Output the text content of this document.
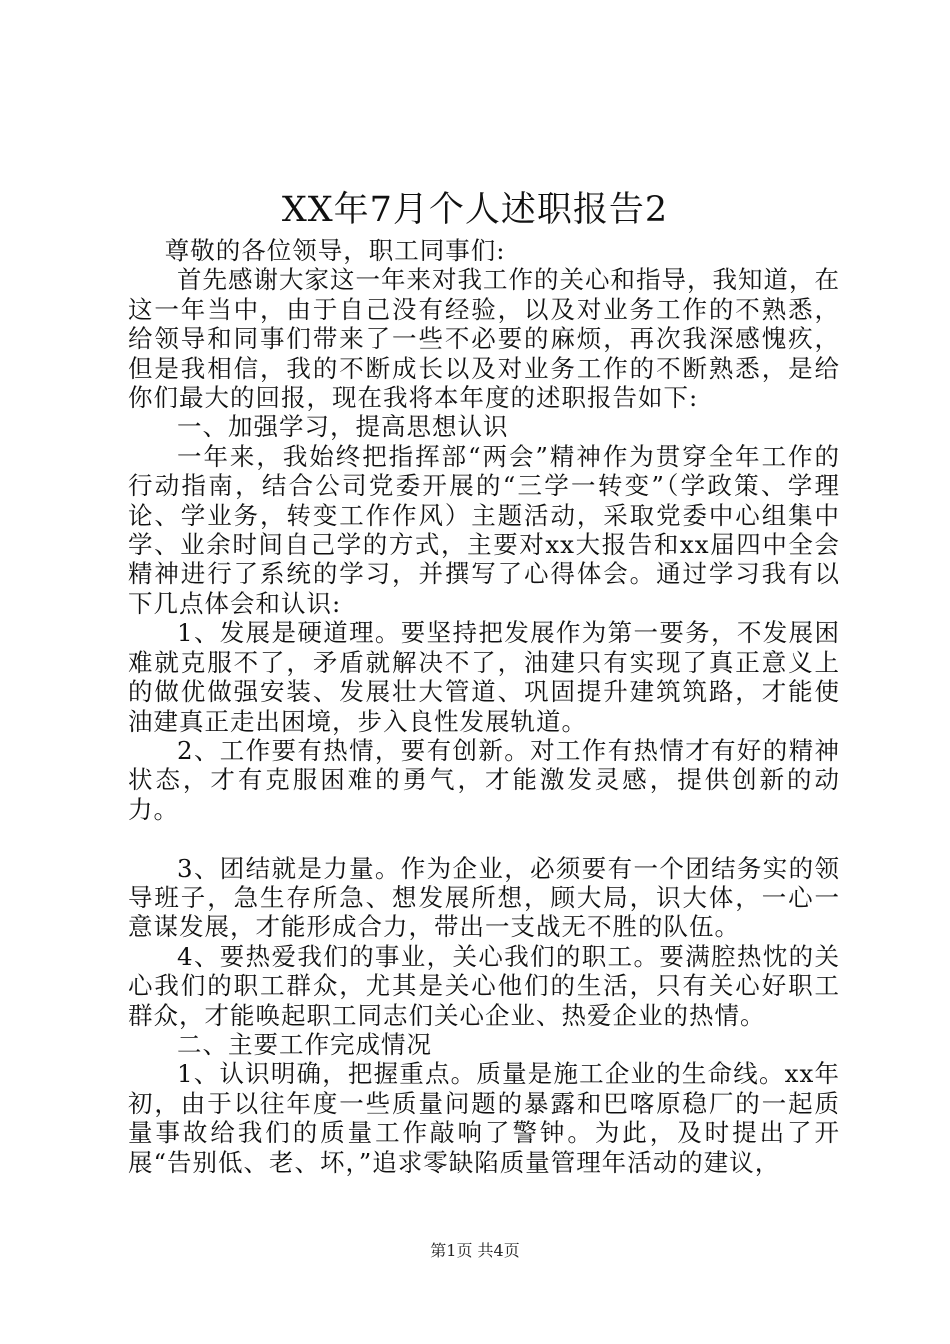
XX年7月个人述职报告2

尊敬的各位领导，职工同事们:

首先感谢大家这一年来对我工作的关心和指导，我知道，在这一年当中，由于自己没有经验，以及对业务工作的不熟悉，给领导和同事们带来了一些不必要的麻烦，再次我深感愧疚，但是我相信，我的不断成长以及对业务工作的不断熟悉，是给你们最大的回报，现在我将本年度的述职报告如下:

一、加强学习，提高思想认识

一年来，我始终把指挥部“两会”精神作为贯穿全年工作的行动指南，结合公司党委开展的“三学一转变”（学政策、学理论、学业务，转变工作作风）主题活动，采取党委中心组集中学、业余时间自己学的方式，主要对xx大报告和xx届四中全会精神进行了系统的学习，并撰写了心得体会。通过学习我有以下几点体会和认识:

1、发展是硬道理。要坚持把发展作为第一要务，不发展困难就克服不了，矛盾就解决不了，油建只有实现了真正意义上的做优做强安装、发展壮大管道、巩固提升建筑筑路，才能使油建真正走出困境，步入良性发展轨道。

2、工作要有热情，要有创新。对工作有热情才有好的精神状态，才有克服困难的勇气，才能激发灵感，提供创新的动力。

3、团结就是力量。作为企业，必须要有一个团结务实的领导班子，急生存所急、想发展所想，顾大局，识大体，一心一意谋发展，才能形成合力，带出一支战无不胜的队伍。

4、要热爱我们的事业，关心我们的职工。要满腔热忱的关心我们的职工群众，尤其是关心他们的生活，只有关心好职工群众，才能唤起职工同志们关心企业、热爱企业的热情。

二、主要工作完成情况

1、认识明确，把握重点。质量是施工企业的生命线。xx年初，由于以往年度一些质量问题的暴露和巴喀原稳厂的一起质量事故给我们的质量工作敲响了警钟。为此，及时提出了开展“告别低、老、坏，”追求零缺陷质量管理年活动的建议，

第1页 共4页
